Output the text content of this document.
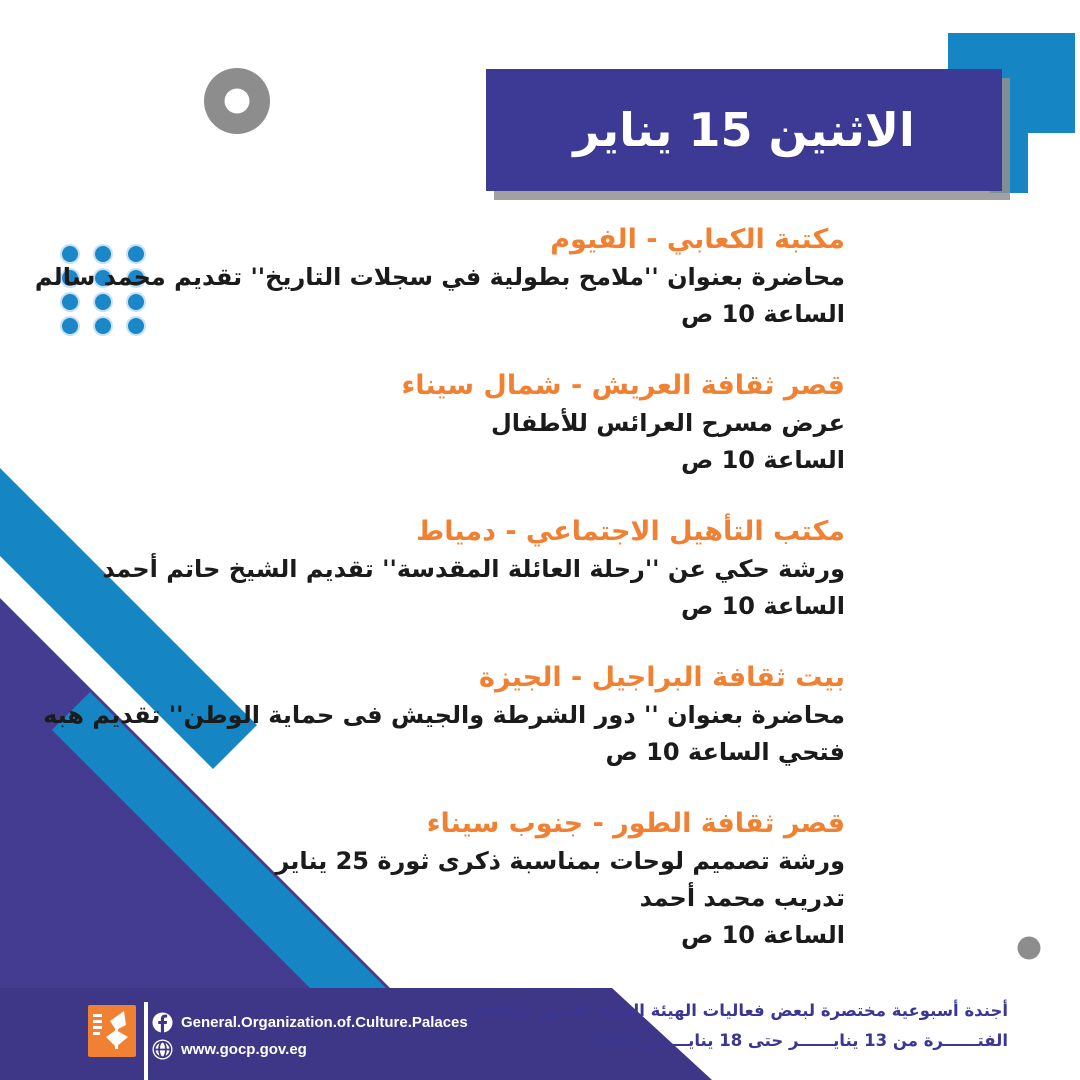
الاثنين 15 يناير
مكتبة الكعابي - الفيوم
محاضرة بعنوان ''ملامح بطولية في سجلات التاريخ'' تقديم محمد سالم
الساعة 10 ص
قصر ثقافة العريش - شمال سيناء
عرض مسرح العرائس للأطفال
الساعة 10 ص
مكتب التأهيل الاجتماعي - دمياط
ورشة حكي عن ''رحلة العائلة المقدسة'' تقديم الشيخ حاتم أحمد
الساعة 10 ص
بيت ثقافة البراجيل - الجيزة
محاضرة بعنوان '' دور الشرطة والجيش فى حماية الوطن'' تقديم هبه
فتحي الساعة 10 ص
قصر ثقافة الطور - جنوب سيناء
ورشة تصميم لوحات بمناسبة ذكرى ثورة 25 يناير
تدريب محمد أحمد
الساعة 10 ص
General.Organization.of.Culture.Palaces
www.gocp.gov.eg
أجندة أسبوعية مختصرة لبعض فعاليات الهيئة العامة لقصور الثقافة
الفتــــــرة من 13 ينايــــــر حتى 18 ينايــــــر 2024
